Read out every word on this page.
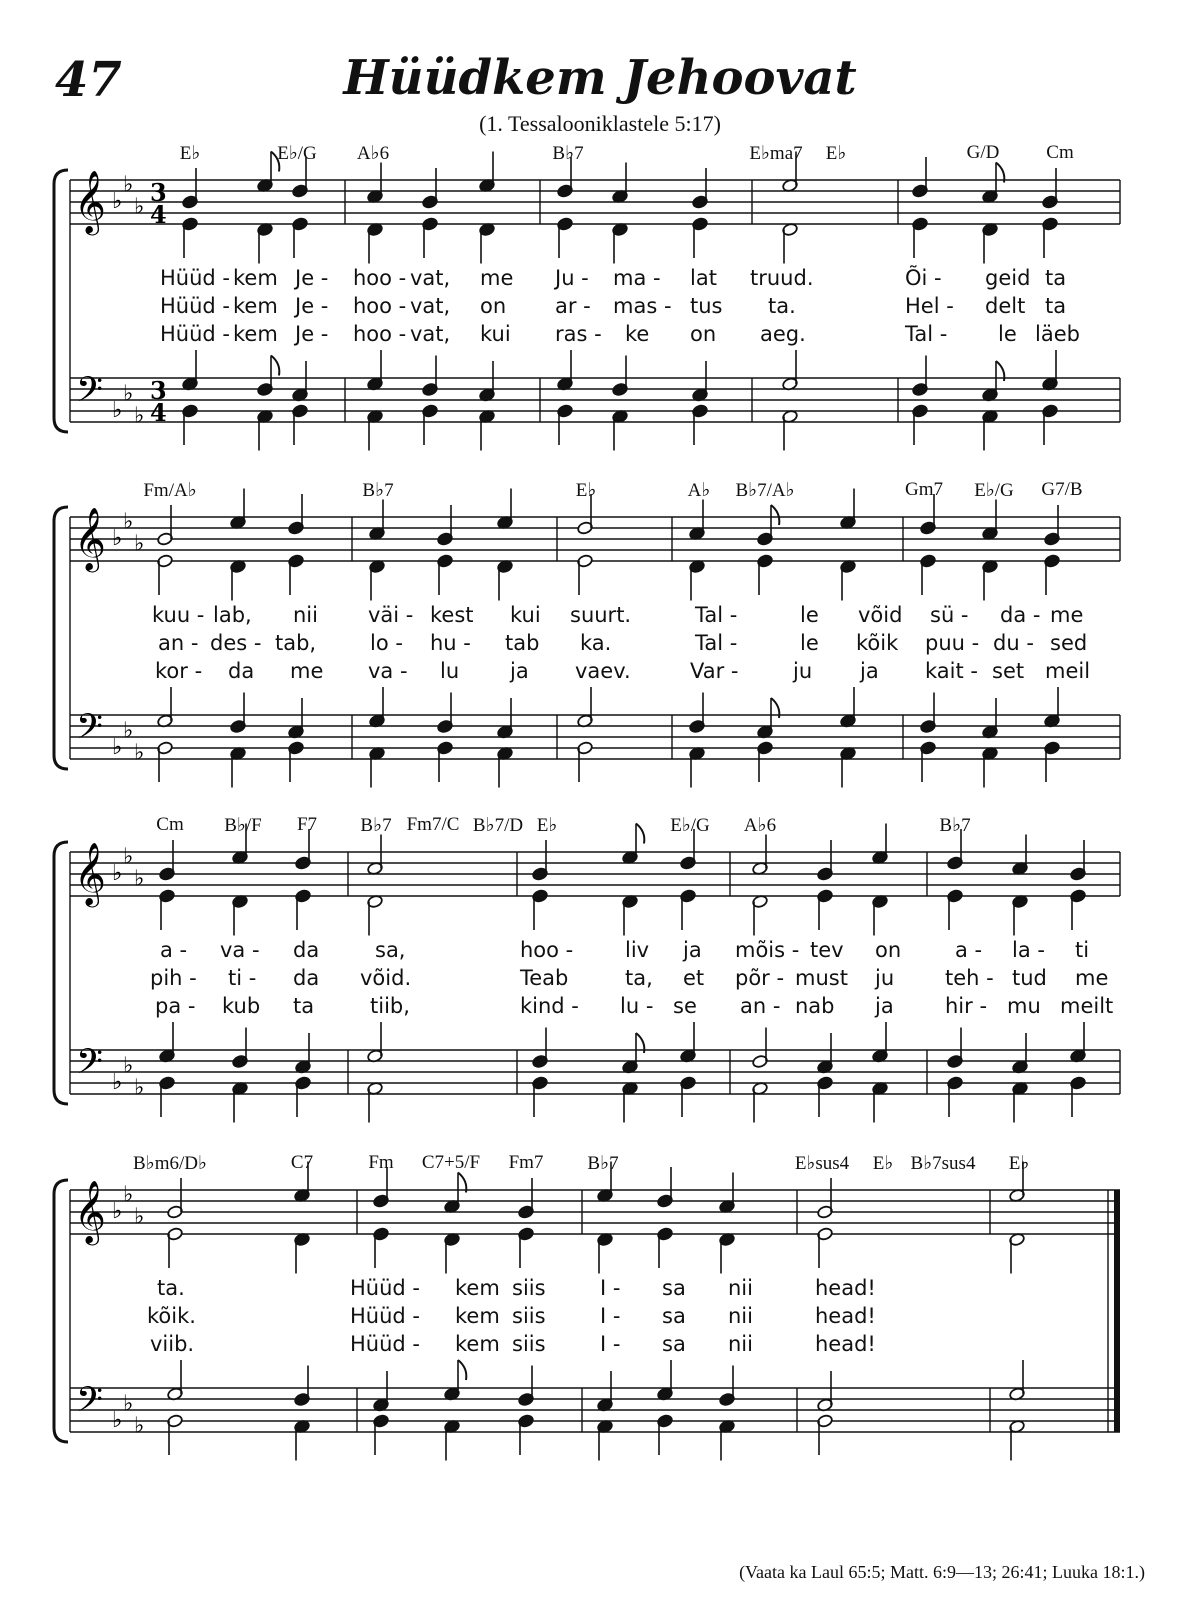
47	Hüüdkem Jehoovat
(1. Tessalooniklastele 5:17)
E♭	E♭/G A♭6	B♭7	E♭ma7 E♭	G/D Cm
𝄞
𝄢
♭
♭
♭
♭
♭
♭
3
4
3
4
Hüüd - kem Je - hoo - vat, me Ju - ma - lat truud.	Õi - geid ta
Hüüd - kem Je - hoo - vat, on ar - mas - tus ta.	Hel - delt ta
Hüüd - kem Je - hoo - vat, kui ras - ke on aeg.	Tal - le läeb
Fm/A♭	B♭7	E♭	A♭ B♭7/A♭	Gm7 E♭/G G7/B
𝄞
𝄢
♭
♭
♭
♭
♭
♭
kuu - lab, nii väi - kest kui suurt.	Tal -	le võid sü - da - me
an - des - tab,	lo - hu - tab ka.	Tal -	le kõik puu - du - sed
kor - da me va - lu ja vaev.	Var -	ju ja kait - set meil
Cm B♭/F F7 B♭7 Fm7/C B♭7/D E♭	E♭/G A♭6	B♭7
𝄞
𝄢
♭
♭
♭
♭
♭
♭
a - va - da	sa,	hoo - liv ja mõis - tev on	a - la - ti
pih - ti - da võid.	Teab	ta, et põr - must ju teh - tud me
pa - kub ta	tiib,	kind - lu - se an - nab ja hir - mu meilt
B♭m6/D♭	C7	Fm C7+5/F Fm7 B♭7	E♭sus4 E♭ B♭7sus4 E♭
𝄞
𝄢
♭
♭
♭
♭
♭
♭
ta.	Hüüd - kem siis	I - sa nii	head!
kõik.	Hüüd - kem siis	I - sa nii	head!
viib.	Hüüd - kem siis	I - sa nii	head!
(Vaata ka Laul 65:5; Matt. 6:9—13; 26:41; Luuka 18:1.)
